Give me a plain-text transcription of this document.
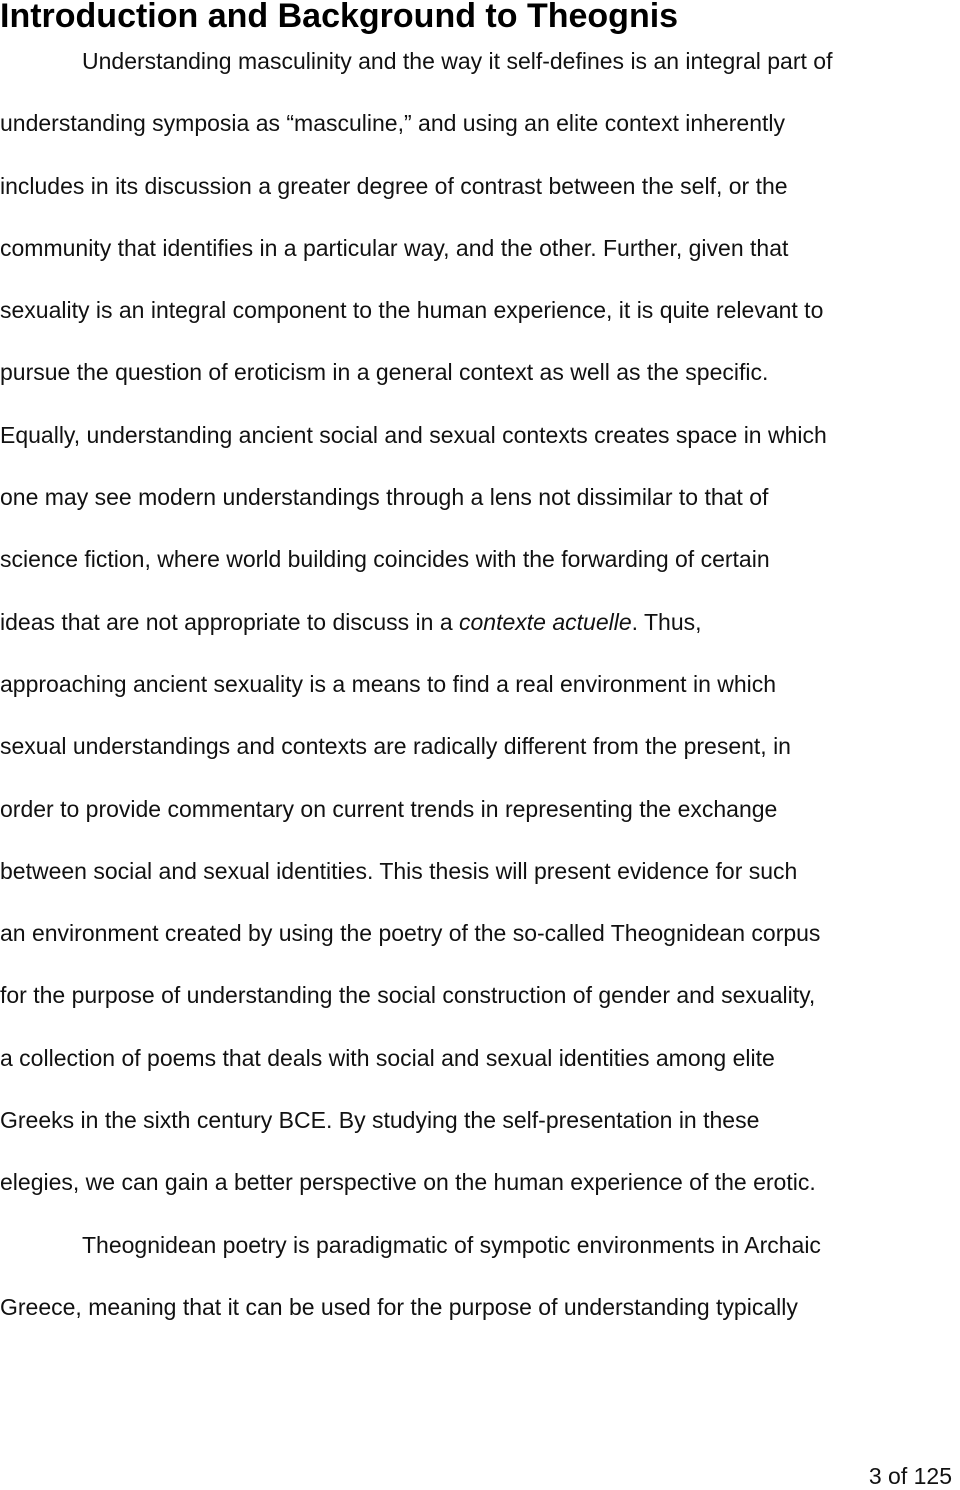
Introduction and Background to Theognis
Understanding masculinity and the way it self-defines is an integral part of
understanding symposia as “masculine,” and using an elite context inherently
includes in its discussion a greater degree of contrast between the self, or the
community that identifies in a particular way, and the other. Further, given that
sexuality is an integral component to the human experience, it is quite relevant to
pursue the question of eroticism in a general context as well as the specific.
Equally, understanding ancient social and sexual contexts creates space in which
one may see modern understandings through a lens not dissimilar to that of
science fiction, where world building coincides with the forwarding of certain
ideas that are not appropriate to discuss in a contexte actuelle. Thus,
approaching ancient sexuality is a means to find a real environment in which
sexual understandings and contexts are radically different from the present, in
order to provide commentary on current trends in representing the exchange
between social and sexual identities. This thesis will present evidence for such
an environment created by using the poetry of the so-called Theognidean corpus
for the purpose of understanding the social construction of gender and sexuality,
a collection of poems that deals with social and sexual identities among elite
Greeks in the sixth century BCE. By studying the self-presentation in these
elegies, we can gain a better perspective on the human experience of the erotic.
Theognidean poetry is paradigmatic of sympotic environments in Archaic
Greece, meaning that it can be used for the purpose of understanding typically
3 of 125
